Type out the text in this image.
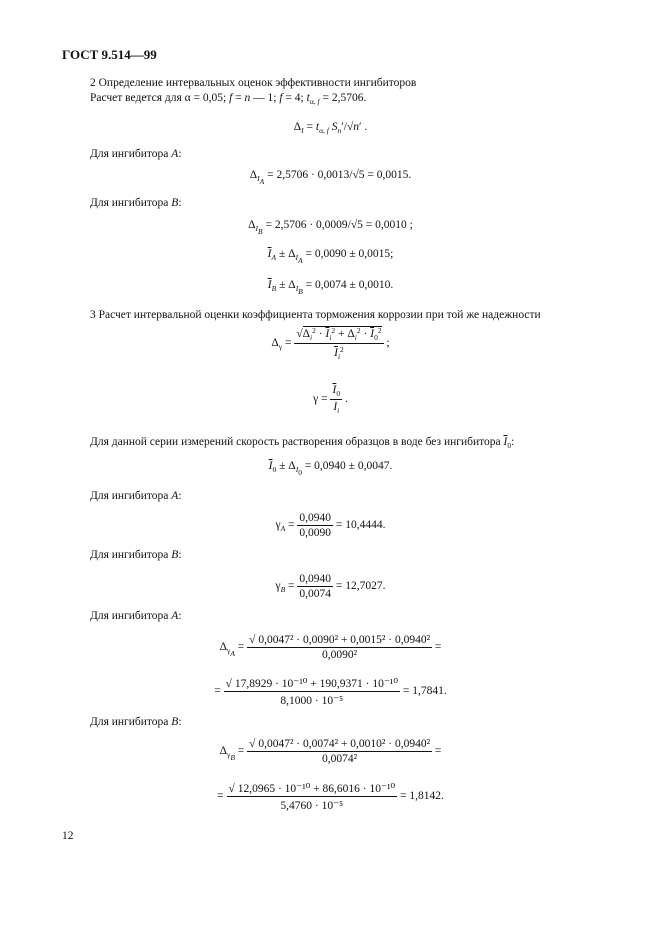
ГОСТ 9.514—99
2 Определение интервальных оценок эффективности ингибиторов
Расчет ведется для α = 0,05; f = n — 1; f = 4; $t_{\alpha, f} = 2,5706$.
$\Delta_I = t_{\alpha, f}$ $S_n'/√n'$ .
Для ингибитора A:
$\Delta_{I_A} = 2,5706 \cdot 0,0013/√5 = 0,0015$.
Для ингибитора B:
$\Delta_{I_B} = 2,5706 \cdot 0,0009/√5 = 0,0010$ ;
$\overline{I}_A \pm \Delta_{I_A} = 0,0090 \pm 0,0015$;
$\overline{I}_B \pm \Delta_{I_B} = 0,0074 \pm 0,0010$.
3 Расчет интервальной оценки коэффициента торможения коррозии при той же надежности
$\Delta_\gamma = \frac{√\Delta_i^2 \cdot \overline{I}_i^2 + \Delta_i^2 \cdot \overline{I}_0^2}{\overline{I}_i^2}$ ;
$\gamma = \frac{\overline{I}_0}{I_i}$ .
Для данной серии измерений скорость растворения образцов в воде без ингибитора $\overline{I}_0$:
$\overline{I}_0 \pm \Delta_{I_0} = 0,0940 \pm 0,0047$.
Для ингибитора A:
$\gamma_A = \frac{0,0940}{0,0090} = 10,4444$.
Для ингибитора B:
$\gamma_B = \frac{0,0940}{0,0074} = 12,7027$.
Для ингибитора A:
$\Delta_{\gamma_A} = \frac{\text{√ 0,0047² · 0,0090² + 0,0015² · 0,0940²}}{\text{0,0090²}}$ =
= $\frac{\text{√ 17,8929 · 10⁻¹⁰ + 190,9371 · 10⁻¹⁰}}{\text{8,1000 · 10⁻⁵}} = 1,7841$.
Для ингибитора B:
$\Delta_{\gamma_B} = \frac{\text{√ 0,0047² · 0,0074² + 0,0010² · 0,0940²}}{\text{0,0074²}}$ =
= $\frac{\text{√ 12,0965 · 10⁻¹⁰ + 86,6016 · 10⁻¹⁰}}{\text{5,4760 · 10⁻⁵}} = 1,8142$.
12
